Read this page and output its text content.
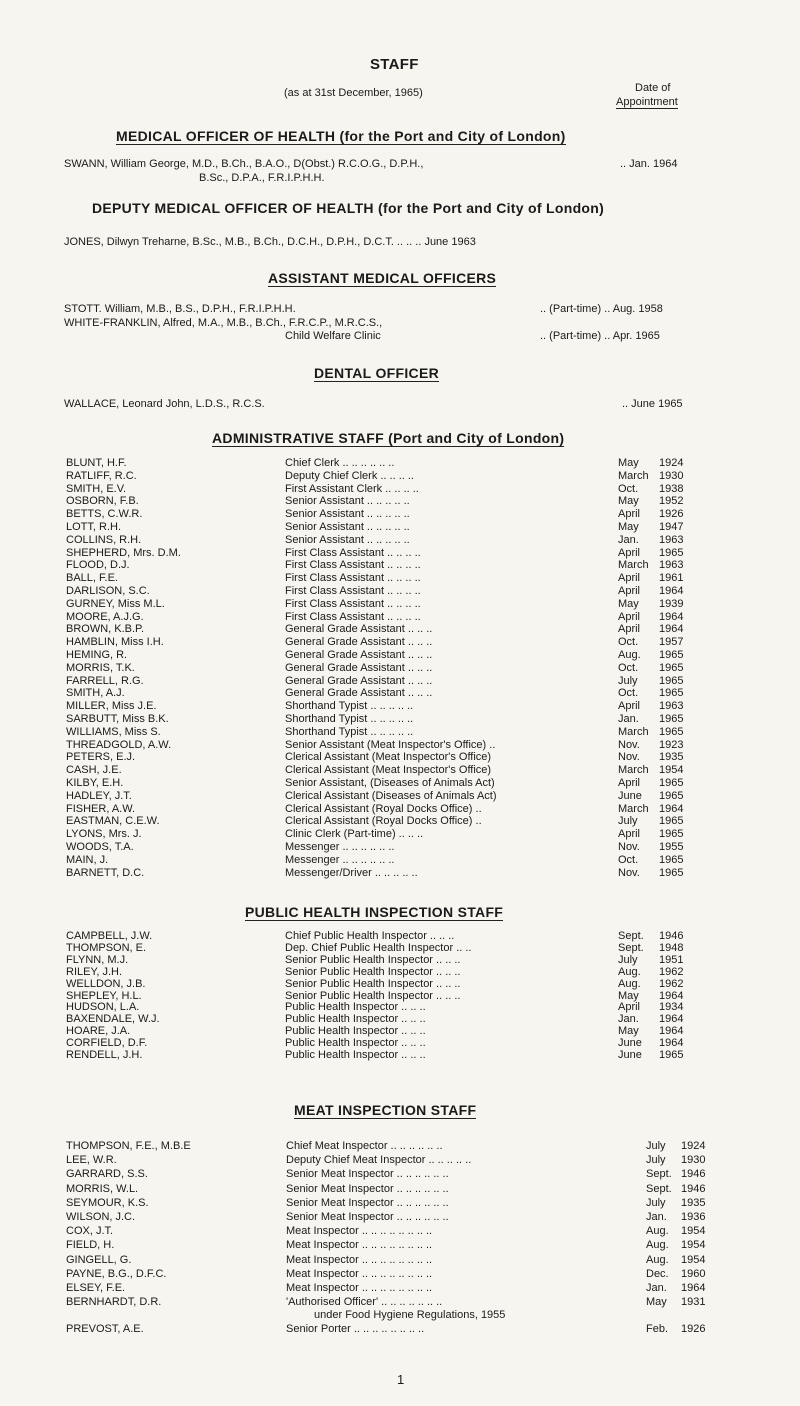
STAFF
(as at 31st December, 1965)	Date of
Appointment
MEDICAL OFFICER OF HEALTH (for the Port and City of London)
SWANN, William George, M.D., B.Ch., B.A.O., D(Obst.) R.C.O.G., D.P.H.,
B.Sc., D.P.A., F.R.I.P.H.H.
.. Jan. 1964
DEPUTY MEDICAL OFFICER OF HEALTH (for the Port and City of London)
JONES, Dilwyn Treharne, B.Sc., M.B., B.Ch., D.C.H., D.P.H., D.C.T. .. .. .. June 1963
ASSISTANT MEDICAL OFFICERS
STOTT. William, M.B., B.S., D.P.H., F.R.I.P.H.H.	.. (Part-time) .. Aug. 1958
WHITE-FRANKLIN, Alfred, M.A., M.B., B.Ch., F.R.C.P., M.R.C.S.,
Child Welfare Clinic	.. (Part-time) .. Apr. 1965
DENTAL OFFICER
WALLACE, Leonard John, L.D.S., R.C.S.	.. June 1965
ADMINISTRATIVE STAFF (Port and City of London)
BLUNT, H.F.	Chief Clerk .. .. .. .. .. ..	May 1924
RATLIFF, R.C.	Deputy Chief Clerk .. .. .. ..	March 1930
SMITH, E.V.	First Assistant Clerk .. .. .. ..	Oct. 1938
OSBORN, F.B.	Senior Assistant .. .. .. .. ..	May 1952
BETTS, C.W.R.	Senior Assistant .. .. .. .. ..	April 1926
LOTT, R.H.	Senior Assistant .. .. .. .. ..	May 1947
COLLINS, R.H.	Senior Assistant .. .. .. .. ..	Jan. 1963
SHEPHERD, Mrs. D.M.	First Class Assistant .. .. .. ..	April 1965
FLOOD, D.J.	First Class Assistant .. .. .. ..	March 1963
BALL, F.E.	First Class Assistant .. .. .. ..	April 1961
DARLISON, S.C.	First Class Assistant .. .. .. ..	April 1964
GURNEY, Miss M.L.	First Class Assistant .. .. .. ..	May 1939
MOORE, A.J.G.	First Class Assistant .. .. .. ..	April 1964
BROWN, K.B.P.	General Grade Assistant .. .. ..	April 1964
HAMBLIN, Miss I.H.	General Grade Assistant .. .. ..	Oct. 1957
HEMING, R.	General Grade Assistant .. .. ..	Aug. 1965
MORRIS, T.K.	General Grade Assistant .. .. ..	Oct. 1965
FARRELL, R.G.	General Grade Assistant .. .. ..	July 1965
SMITH, A.J.	General Grade Assistant .. .. ..	Oct. 1965
MILLER, Miss J.E.	Shorthand Typist .. .. .. .. ..	April 1963
SARBUTT, Miss B.K.	Shorthand Typist .. .. .. .. ..	Jan. 1965
WILLIAMS, Miss S.	Shorthand Typist .. .. .. .. ..	March 1965
THREADGOLD, A.W.	Senior Assistant (Meat Inspector's Office) ..	Nov. 1923
PETERS, E.J.	Clerical Assistant (Meat Inspector's Office)	Nov. 1935
CASH, J.E.	Clerical Assistant (Meat Inspector's Office)	March 1954
KILBY, E.H.	Senior Assistant, (Diseases of Animals Act)	April 1965
HADLEY, J.T.	Clerical Assistant (Diseases of Animals Act)	June 1965
FISHER, A.W.	Clerical Assistant (Royal Docks Office) ..	March 1964
EASTMAN, C.E.W.	Clerical Assistant (Royal Docks Office) ..	July 1965
LYONS, Mrs. J.	Clinic Clerk (Part-time) .. .. ..	April 1965
WOODS, T.A.	Messenger .. .. .. .. .. ..	Nov. 1955
MAIN, J.	Messenger .. .. .. .. .. ..	Oct. 1965
BARNETT, D.C.	Messenger/Driver .. .. .. .. ..	Nov. 1965
PUBLIC HEALTH INSPECTION STAFF
CAMPBELL, J.W.	Chief Public Health Inspector .. .. ..	Sept. 1946
THOMPSON, E.	Dep. Chief Public Health Inspector .. ..	Sept. 1948
FLYNN, M.J.	Senior Public Health Inspector .. .. ..	July 1951
RILEY, J.H.	Senior Public Health Inspector .. .. ..	Aug. 1962
WELLDON, J.B.	Senior Public Health Inspector .. .. ..	Aug. 1962
SHEPLEY, H.L.	Senior Public Health Inspector .. .. ..	May 1964
HUDSON, L.A.	Public Health Inspector .. .. ..	April 1934
BAXENDALE, W.J.	Public Health Inspector .. .. ..	Jan. 1964
HOARE, J.A.	Public Health Inspector .. .. ..	May 1964
CORFIELD, D.F.	Public Health Inspector .. .. ..	June 1964
RENDELL, J.H.	Public Health Inspector .. .. ..	June 1965
MEAT INSPECTION STAFF
THOMPSON, F.E., M.B.E	Chief Meat Inspector .. .. .. .. .. ..	July 1924
LEE, W.R.	Deputy Chief Meat Inspector .. .. .. .. ..	July 1930
GARRARD, S.S.	Senior Meat Inspector .. .. .. .. .. ..	Sept. 1946
MORRIS, W.L.	Senior Meat Inspector .. .. .. .. .. ..	Sept. 1946
SEYMOUR, K.S.	Senior Meat Inspector .. .. .. .. .. ..	July 1935
WILSON, J.C.	Senior Meat Inspector .. .. .. .. .. ..	Jan. 1936
COX, J.T.	Meat Inspector .. .. .. .. .. .. .. ..	Aug. 1954
FIELD, H.	Meat Inspector .. .. .. .. .. .. .. ..	Aug. 1954
GINGELL, G.	Meat Inspector .. .. .. .. .. .. .. ..	Aug. 1954
PAYNE, B.G., D.F.C.	Meat Inspector .. .. .. .. .. .. .. ..	Dec. 1960
ELSEY, F.E.	Meat Inspector .. .. .. .. .. .. .. ..	Jan. 1964
BERNHARDT, D.R.	'Authorised Officer' .. .. .. .. .. .. ..	May 1931
under Food Hygiene Regulations, 1955
PREVOST, A.E.	Senior Porter .. .. .. .. .. .. .. ..	Feb. 1926
1
